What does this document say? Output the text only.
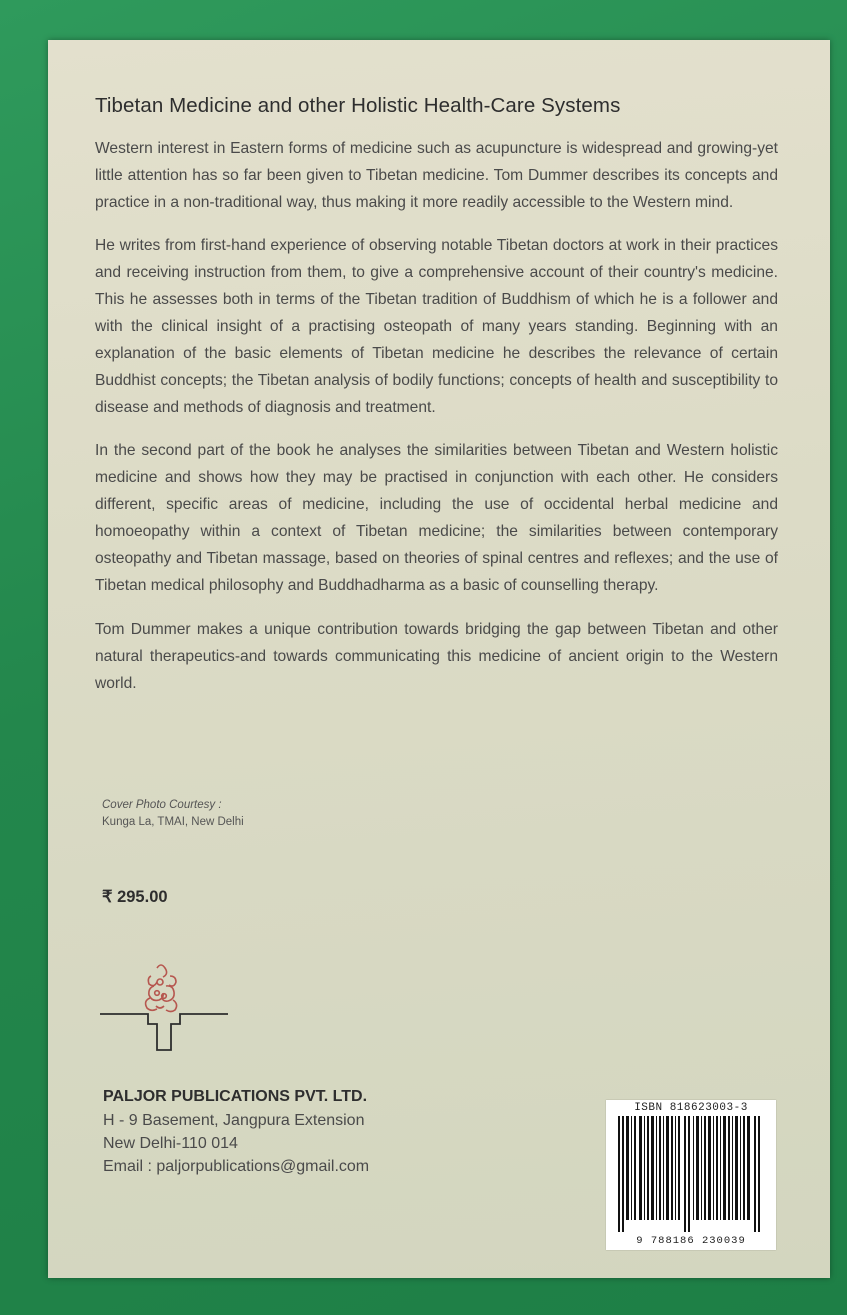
Tibetan Medicine and other Holistic Health-Care Systems

Western interest in Eastern forms of medicine such as acupuncture is widespread and growing-yet little attention has so far been given to Tibetan medicine. Tom Dummer describes its concepts and practice in a non-traditional way, thus making it more readily accessible to the Western mind.

He writes from first-hand experience of observing notable Tibetan doctors at work in their practices and receiving instruction from them, to give a comprehensive account of their country's medicine. This he assesses both in terms of the Tibetan tradition of Buddhism of which he is a follower and with the clinical insight of a practising osteopath of many years standing. Beginning with an explanation of the basic elements of Tibetan medicine he describes the relevance of certain Buddhist concepts; the Tibetan analysis of bodily functions; concepts of health and susceptibility to disease and methods of diagnosis and treatment.

In the second part of the book he analyses the similarities between Tibetan and Western holistic medicine and shows how they may be practised in conjunction with each other. He considers different, specific areas of medicine, including the use of occidental herbal medicine and homoeopathy within a context of Tibetan medicine; the similarities between contemporary osteopathy and Tibetan massage, based on theories of spinal centres and reflexes; and the use of Tibetan medical philosophy and Buddhadharma as a basic of counselling therapy.

Tom Dummer makes a unique contribution towards bridging the gap between Tibetan and other natural therapeutics-and towards communicating this medicine of ancient origin to the Western world.

Cover Photo Courtesy :
Kunga La, TMAI, New Delhi
₹ 295.00
PALJOR PUBLICATIONS PVT. LTD.
H - 9 Basement, Jangpura Extension
New Delhi-110 014
Email : paljorpublications@gmail.com
ISBN 818623003-3
9 788186 230039
